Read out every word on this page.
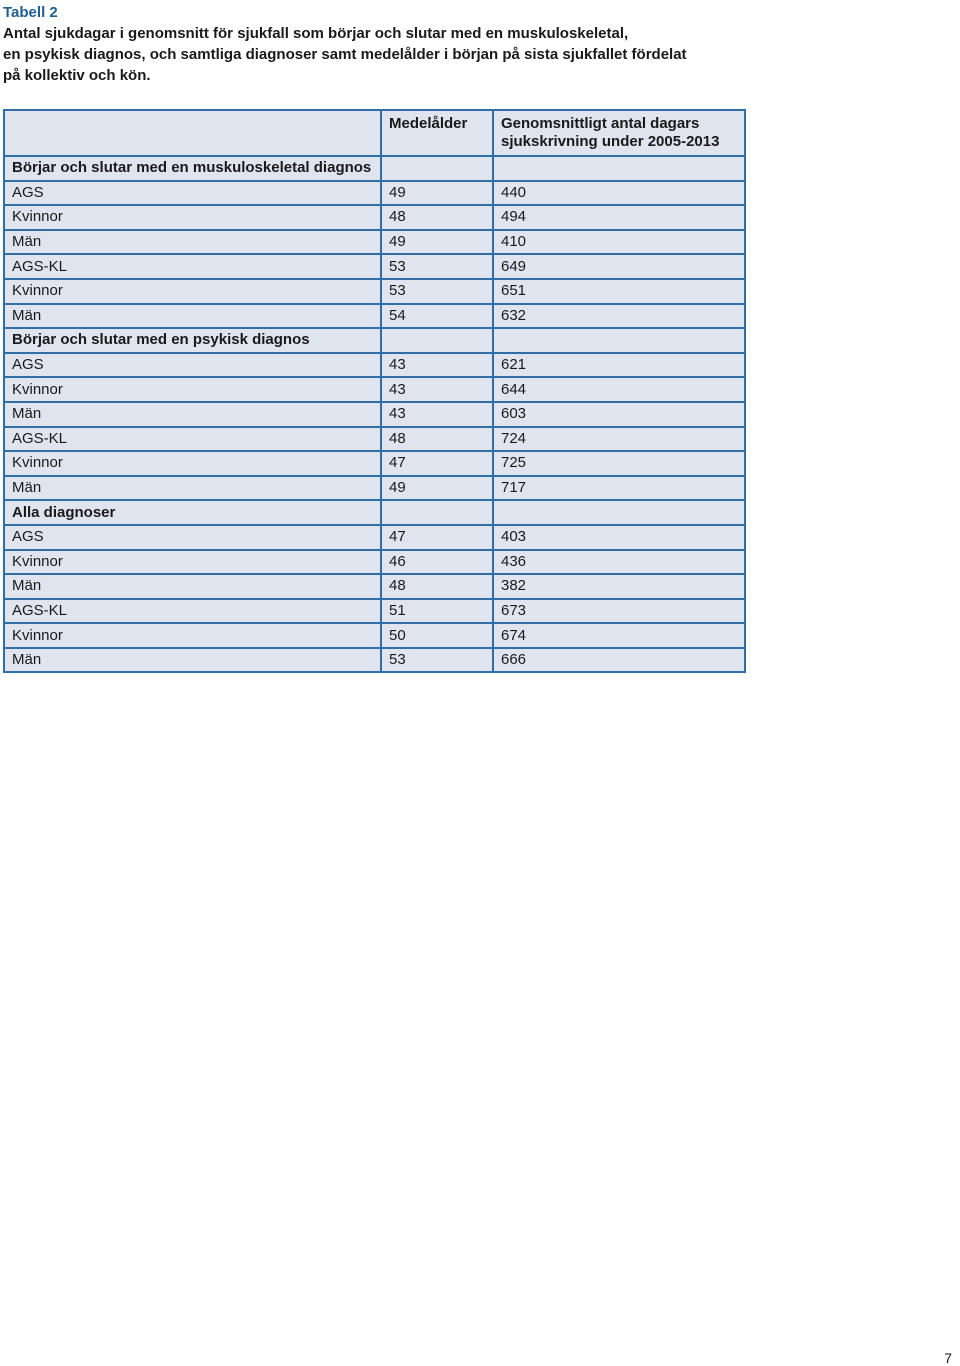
Tabell 2
Antal sjukdagar i genomsnitt för sjukfall som börjar och slutar med en muskuloskeletal,
en psykisk diagnos, och samtliga diagnoser samt medelålder i början på sista sjukfallet fördelat
på kollektiv och kön.
	Medelålder	Genomsnittligt antal dagars sjukskrivning under 2005-2013
Börjar och slutar med en muskuloskeletal diagnos		
AGS	49	440
Kvinnor	48	494
Män	49	410
AGS-KL	53	649
Kvinnor	53	651
Män	54	632
Börjar och slutar med en psykisk diagnos		
AGS	43	621
Kvinnor	43	644
Män	43	603
AGS-KL	48	724
Kvinnor	47	725
Män	49	717
Alla diagnoser		
AGS	47	403
Kvinnor	46	436
Män	48	382
AGS-KL	51	673
Kvinnor	50	674
Män	53	666
7
